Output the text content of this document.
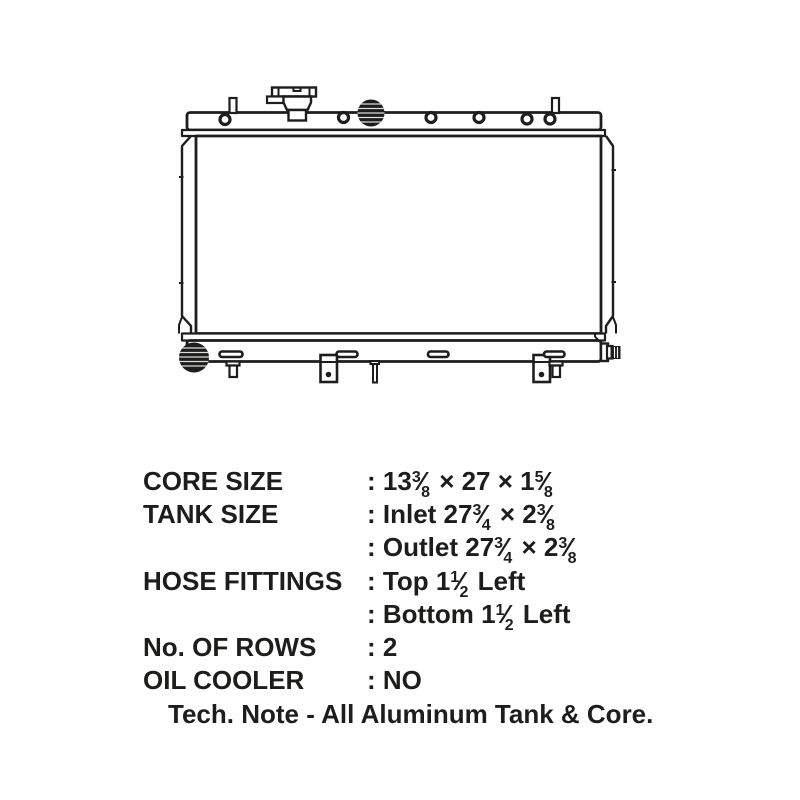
CORE SIZE	: $13^3⁄_8 \times 27$ × $1^5⁄_8$
TANK SIZE	: Inlet $27^3⁄_4$ × $2^3⁄_8$
: Outlet $27^3⁄_4$ × $2^3⁄_8$
HOSE FITTINGS : Top $1^1⁄_2$ Left
: Bottom $1^1⁄_2$ Left
No. OF ROWS	: 2
OIL COOLER	: NO
Tech. Note - All Aluminum Tank & Core.
